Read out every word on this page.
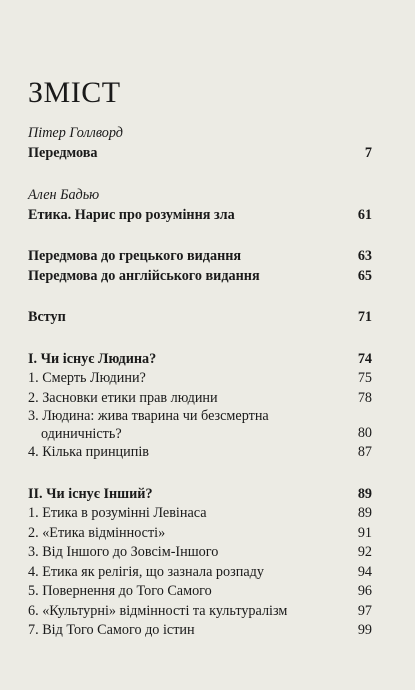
ЗМІСТ
Пітер Голлворд
Передмова	7
Ален Бадью
Етика. Нарис про розуміння зла	61
Передмова до грецького видання	63
Передмова до англійського видання	65
Вступ	71
I. Чи існує Людина?	74
1. Смерть Людини?	75
2. Засновки етики прав людини	78
3. Людина: жива тварина чи безсмертна
одиничність?	80
4. Кілька принципів	87
II. Чи існує Інший?	89
1. Етика в розумінні Левінаса	89
2. «Етика відмінності»	91
3. Від Іншого до Зовсім-Іншого	92
4. Етика як релігія, що зазнала розпаду	94
5. Повернення до Того Самого	96
6. «Культурні» відмінності та культуралізм	97
7. Від Того Самого до істин	99
